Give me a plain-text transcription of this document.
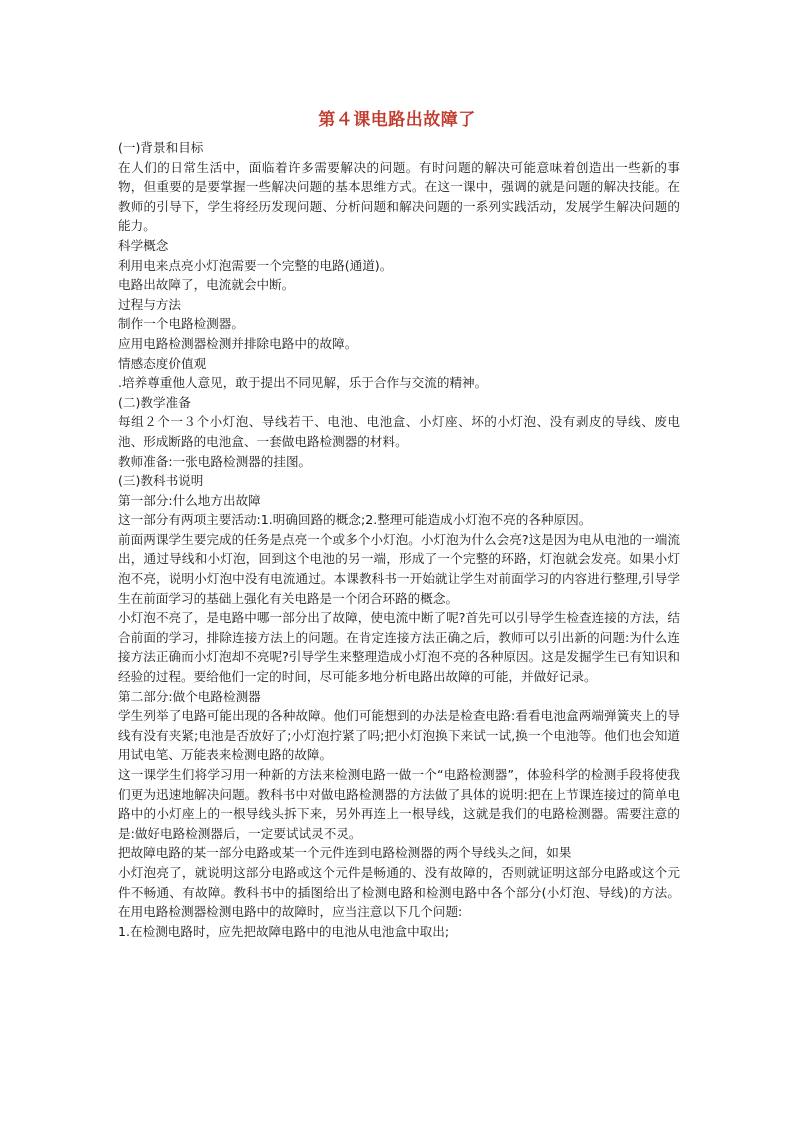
第４课电路出故障了

(一)背景和目标

在人们的日常生活中，面临着许多需要解决的问题。有时问题的解决可能意味着创造出一些新的事物，但重要的是要掌握一些解决问题的基本思维方式。在这一课中，强调的就是问题的解决技能。在教师的引导下，学生将经历发现问题、分析问题和解决问题的一系列实践活动，发展学生解决问题的能力。

科学概念

利用电来点亮小灯泡需要一个完整的电路(通道)。

电路出故障了，电流就会中断。

过程与方法

制作一个电路检测器。

应用电路检测器检测并排除电路中的故障。

情感态度价值观

.培养尊重他人意见，敢于提出不同见解，乐于合作与交流的精神。

(二)教学准备

每组２个一３个小灯泡、导线若干、电池、电池盒、小灯座、坏的小灯泡、没有剥皮的导线、废电池、形成断路的电池盒、一套做电路检测器的材料。

教师准备:一张电路检测器的挂图。

(三)教科书说明

第一部分:什么地方出故障

这一部分有两项主要活动:1.明确回路的概念;2.整理可能造成小灯泡不亮的各种原因。

前面两课学生要完成的任务是点亮一个或多个小灯泡。小灯泡为什么会亮?这是因为电从电池的一端流出，通过导线和小灯泡，回到这个电池的另一端，形成了一个完整的环路，灯泡就会发亮。如果小灯泡不亮，说明小灯泡中没有电流通过。本课教科书一开始就让学生对前面学习的内容进行整理,引导学生在前面学习的基础上强化有关电路是一个闭合环路的概念。

小灯泡不亮了，是电路中哪一部分出了故障，使电流中断了呢?首先可以引导学生检查连接的方法，结合前面的学习，排除连接方法上的问题。在肯定连接方法正确之后，教师可以引出新的问题:为什么连接方法正确而小灯泡却不亮呢?引导学生来整理造成小灯泡不亮的各种原因。这是发掘学生已有知识和经验的过程。要给他们一定的时间，尽可能多地分析电路出故障的可能，并做好记录。

第二部分:做个电路检测器

学生列举了电路可能出现的各种故障。他们可能想到的办法是检查电路:看看电池盒两端弹簧夹上的导线有没有夹紧;电池是否放好了;小灯泡拧紧了吗;把小灯泡换下来试一试,换一个电池等。他们也会知道用试电笔、万能表来检测电路的故障。

这一课学生们将学习用一种新的方法来检测电路一做一个“电路检测器”，体验科学的检测手段将使我们更为迅速地解决问题。教科书中对做电路检测器的方法做了具体的说明:把在上节课连接过的简单电路中的小灯座上的一根导线头拆下来，另外再连上一根导线，这就是我们的电路检测器。需要注意的是:做好电路检测器后，一定要试试灵不灵。

把故障电路的某一部分电路或某一个元件连到电路检测器的两个导线头之间，如果

小灯泡亮了，就说明这部分电路或这个元件是畅通的、没有故障的，否则就证明这部分电路或这个元件不畅通、有故障。教科书中的插图给出了检测电路和检测电路中各个部分(小灯泡、导线)的方法。在用电路检测器检测电路中的故障时，应当注意以下几个问题:

1.在检测电路时，应先把故障电路中的电池从电池盒中取出;
